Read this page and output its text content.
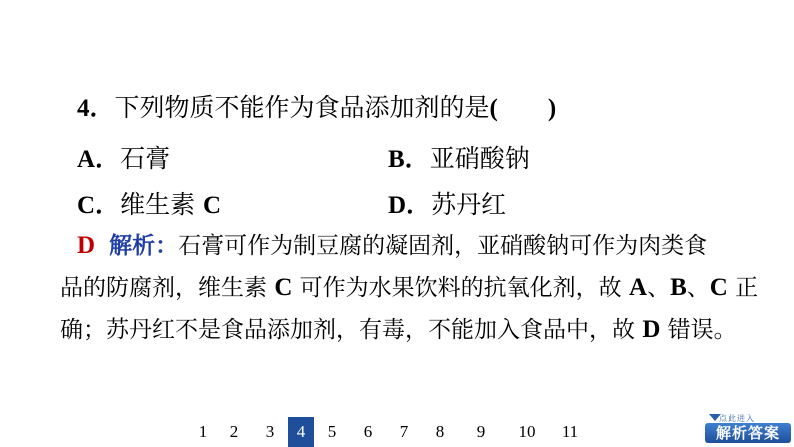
4．下列物质不能作为食品添加剂的是(　　)
A．石膏	B．亚硝酸钠
C．维生素 C	D．苏丹红
D 解析：石膏可作为制豆腐的凝固剂，亚硝酸钠可作为肉类食
品的防腐剂，维生素 C 可作为水果饮料的抗氧化剂，故 A、B、C 正
确；苏丹红不是食品添加剂，有毒，不能加入食品中，故 D 错误。
1	2	3	4	5	6	7	8	9	10	11
点此进入
解析答案
